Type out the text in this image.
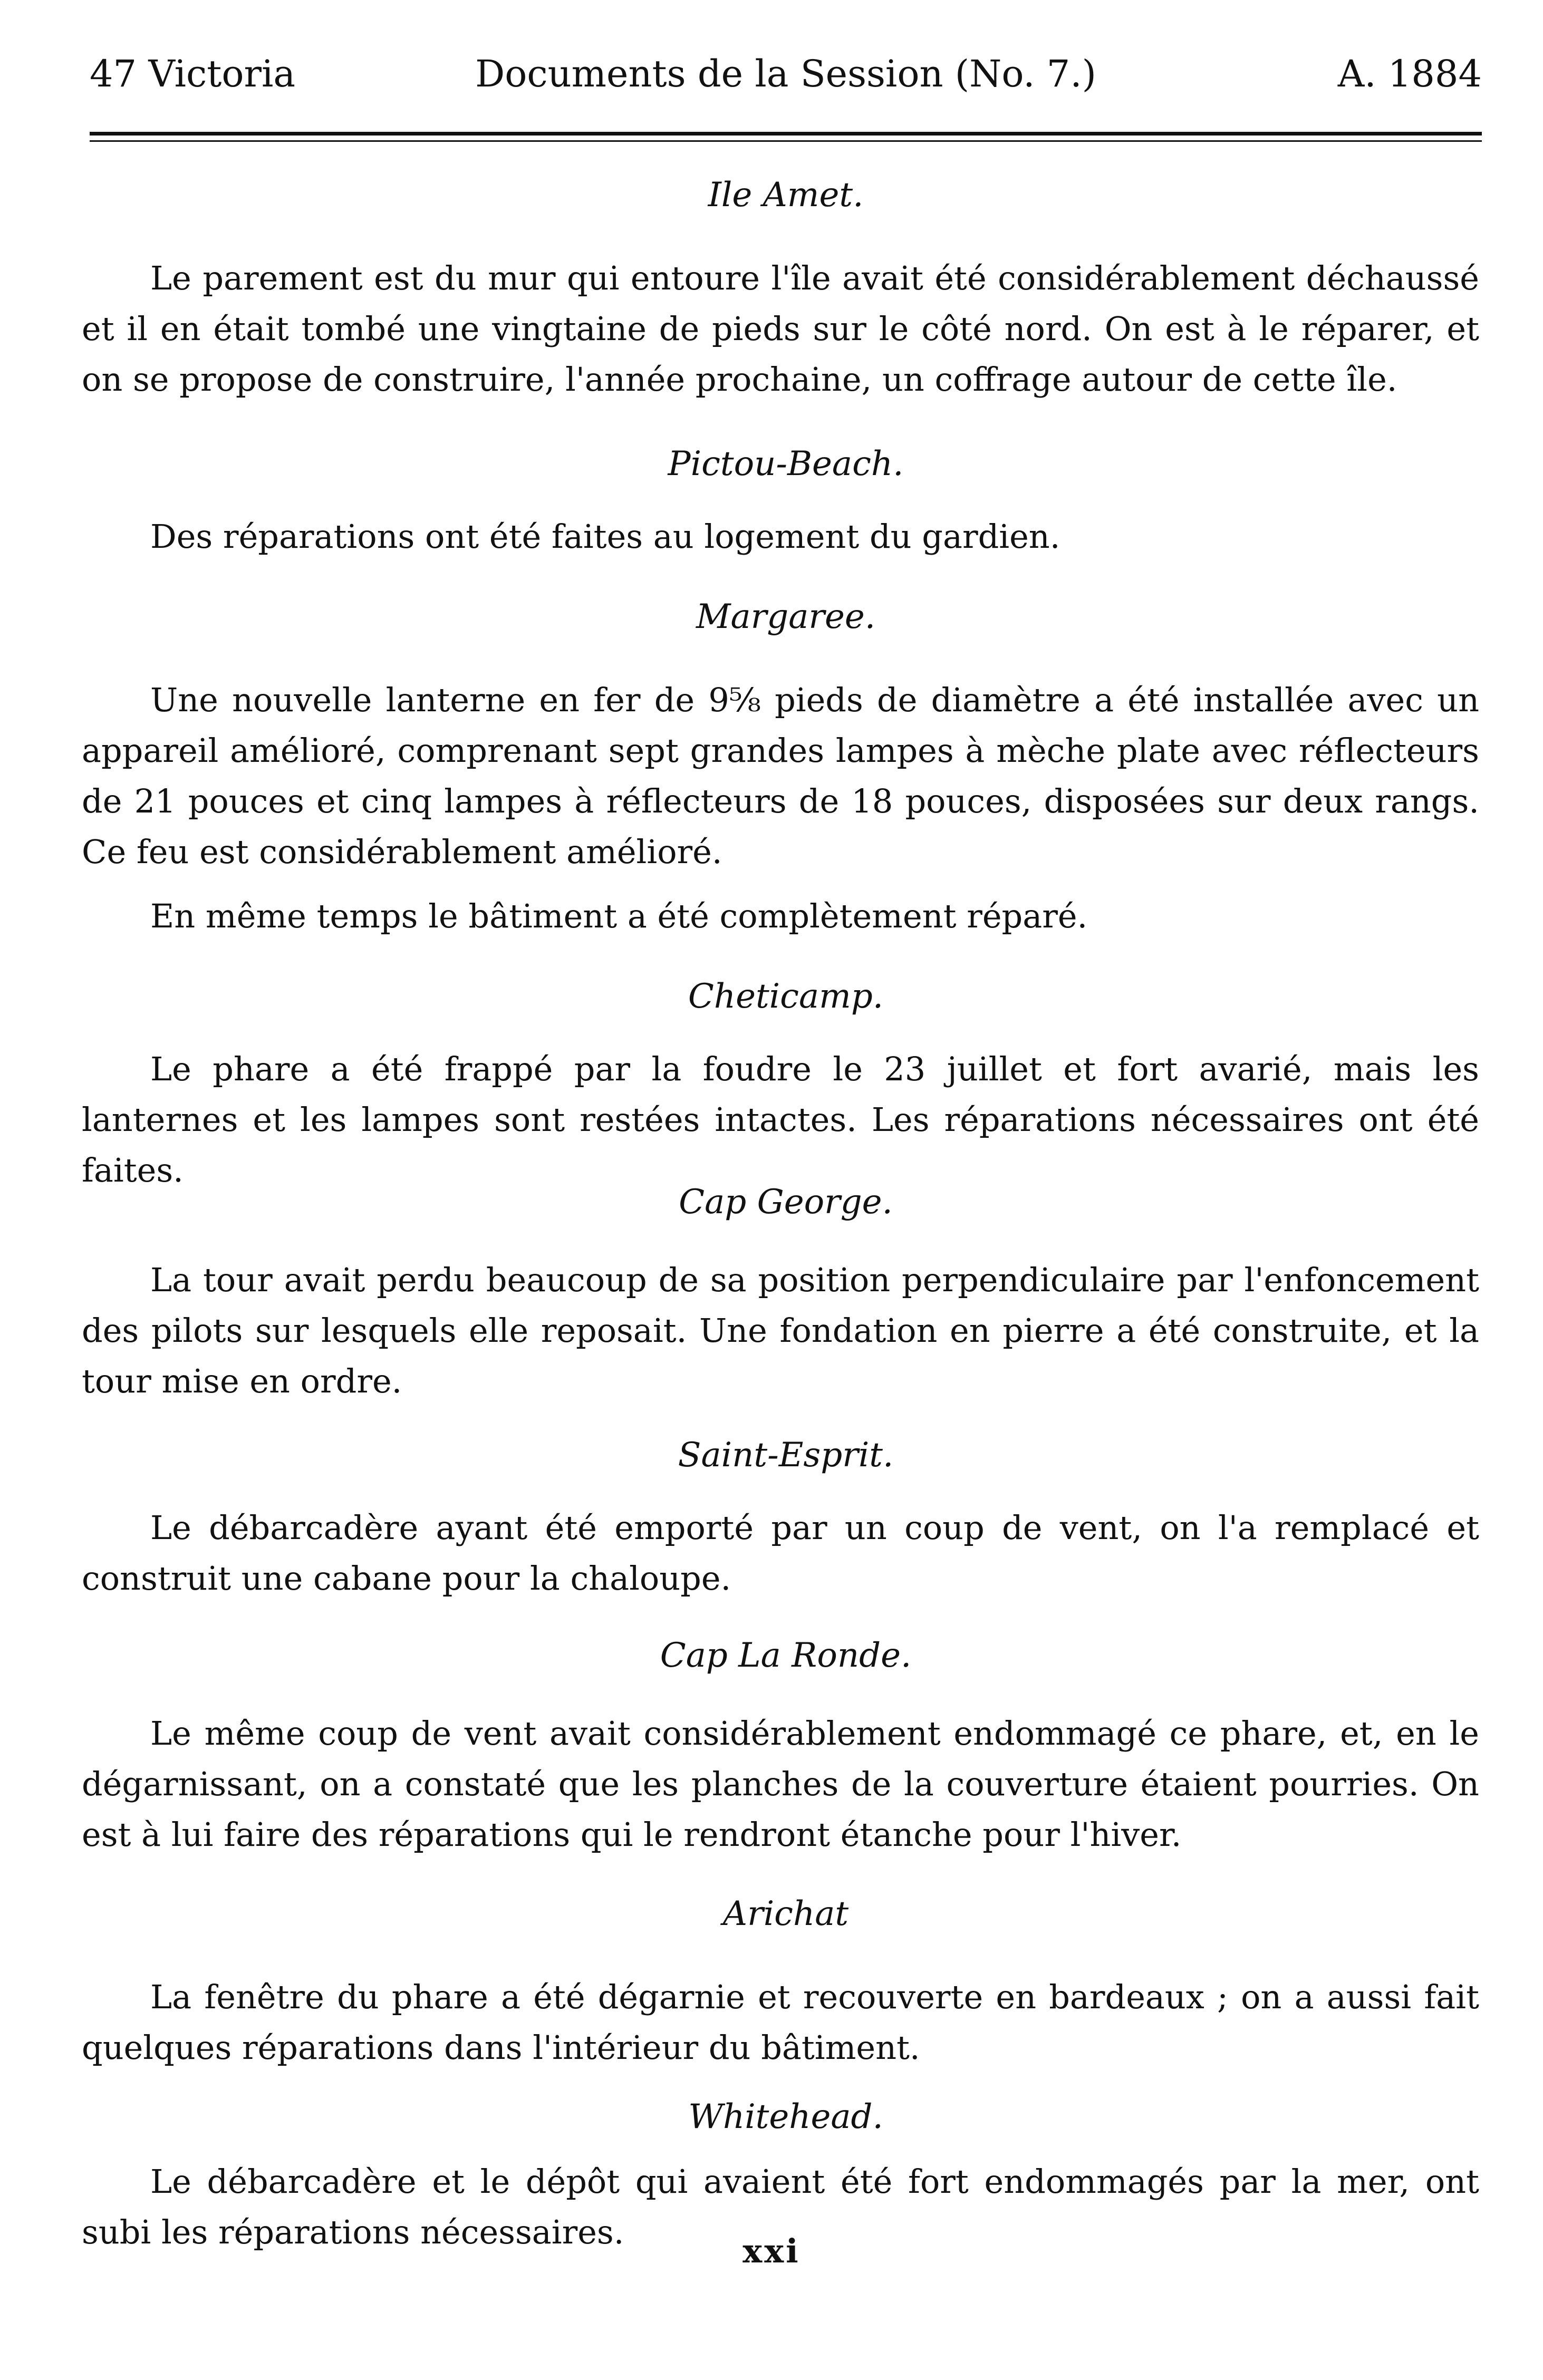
47 Victoria	Documents de la Session (No. 7.)	A. 1884
Ile Amet.

Le parement est du mur qui entoure l'île avait été considérablement déchaussé et il en était tombé une vingtaine de pieds sur le côté nord. On est à le réparer, et on se propose de construire, l'année prochaine, un coffrage autour de cette île.

Pictou-Beach.

Des réparations ont été faites au logement du gardien.

Margaree.

Une nouvelle lanterne en fer de 9⅝ pieds de diamètre a été installée avec un appareil amélioré, comprenant sept grandes lampes à mèche plate avec réflecteurs de 21 pouces et cinq lampes à réflecteurs de 18 pouces, disposées sur deux rangs. Ce feu est considérablement amélioré.

En même temps le bâtiment a été complètement réparé.

Cheticamp.

Le phare a été frappé par la foudre le 23 juillet et fort avarié, mais les lanternes et les lampes sont restées intactes. Les réparations nécessaires ont été faites.

Cap George.

La tour avait perdu beaucoup de sa position perpendiculaire par l'enfoncement des pilots sur lesquels elle reposait. Une fondation en pierre a été construite, et la tour mise en ordre.

Saint-Esprit.

Le débarcadère ayant été emporté par un coup de vent, on l'a remplacé et construit une cabane pour la chaloupe.

Cap La Ronde.

Le même coup de vent avait considérablement endommagé ce phare, et, en le dégarnissant, on a constaté que les planches de la couverture étaient pourries. On est à lui faire des réparations qui le rendront étanche pour l'hiver.

Arichat

La fenêtre du phare a été dégarnie et recouverte en bardeaux ; on a aussi fait quelques réparations dans l'intérieur du bâtiment.

Whitehead.

Le débarcadère et le dépôt qui avaient été fort endommagés par la mer, ont subi les réparations nécessaires.	xxi
